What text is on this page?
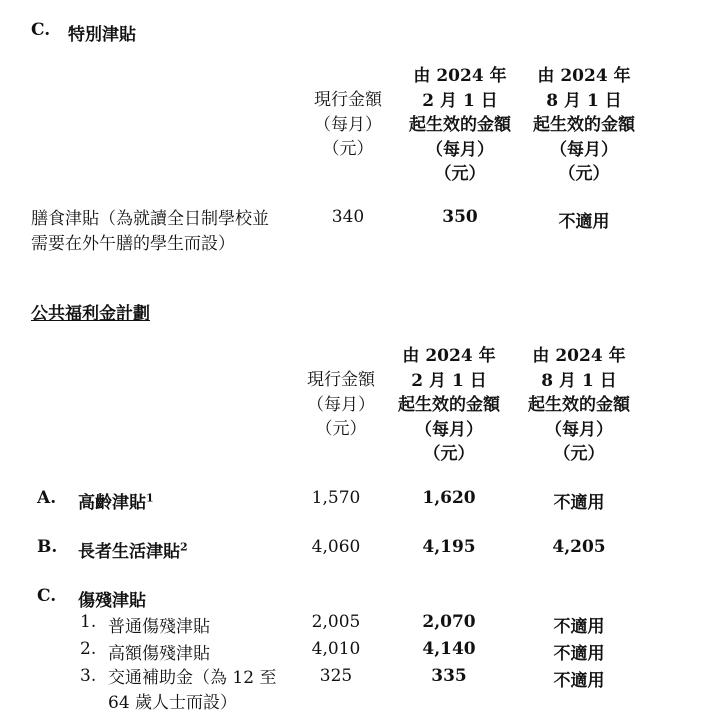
C. 特別津貼
現行金額
（每月）
（元）
由 2024 年
2 月 1 日
起生效的金額
（每月）
（元）
由 2024 年
8 月 1 日
起生效的金額
（每月）
（元）
膳食津貼（為就讀全日制學校並
需要在外午膳的學生而設）
340	350	不適用
公共福利金計劃
現行金額
（每月）
（元）
由 2024 年
2 月 1 日
起生效的金額
（每月）
（元）
由 2024 年
8 月 1 日
起生效的金額
（每月）
（元）
A. 高齡津貼$^1$	1,570	1,620	不適用
B. 長者生活津貼$^2$	4,060	4,195	4,205
C. 傷殘津貼
1. 普通傷殘津貼	2,005	2,070	不適用
2. 高額傷殘津貼	4,010	4,140	不適用
3. 交通補助金（為 12 至
64 歲人士而設）
325	335	不適用
